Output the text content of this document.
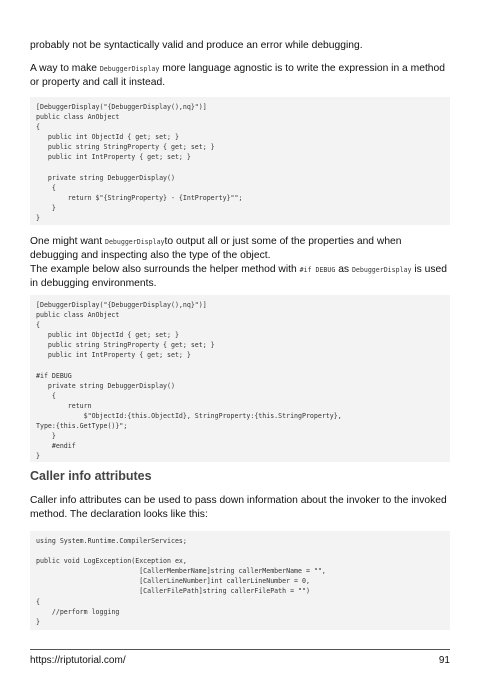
probably not be syntactically valid and produce an error while debugging.

A way to make DebuggerDisplay more language agnostic is to write the expression in a method or property and call it instead.

[DebuggerDisplay("{DebuggerDisplay(),nq}")]
public class AnObject
{
public int ObjectId { get; set; }
public string StringProperty { get; set; }
public int IntProperty { get; set; }
private string DebuggerDisplay()
{
return $"{StringProperty} - {IntProperty}"";
}
}

One might want DebuggerDisplayto output all or just some of the properties and when debugging and inspecting also the type of the object.

The example below also surrounds the helper method with #if DEBUG as DebuggerDisplay is used in debugging environments.

[DebuggerDisplay("{DebuggerDisplay(),nq}")]
public class AnObject
{
public int ObjectId { get; set; }
public string StringProperty { get; set; }
public int IntProperty { get; set; }
#if DEBUG
private string DebuggerDisplay()
{
return
$"ObjectId:{this.ObjectId}, StringProperty:{this.StringProperty},
Type:{this.GetType()}";
}
#endif
}
Caller info attributes

Caller info attributes can be used to pass down information about the invoker to the invoked method. The declaration looks like this:

using System.Runtime.CompilerServices;
public void LogException(Exception ex,
[CallerMemberName]string callerMemberName = "",
[CallerLineNumber]int callerLineNumber = 0,
[CallerFilePath]string callerFilePath = "")
{
//perform logging
}
https://riptutorial.com/	91
